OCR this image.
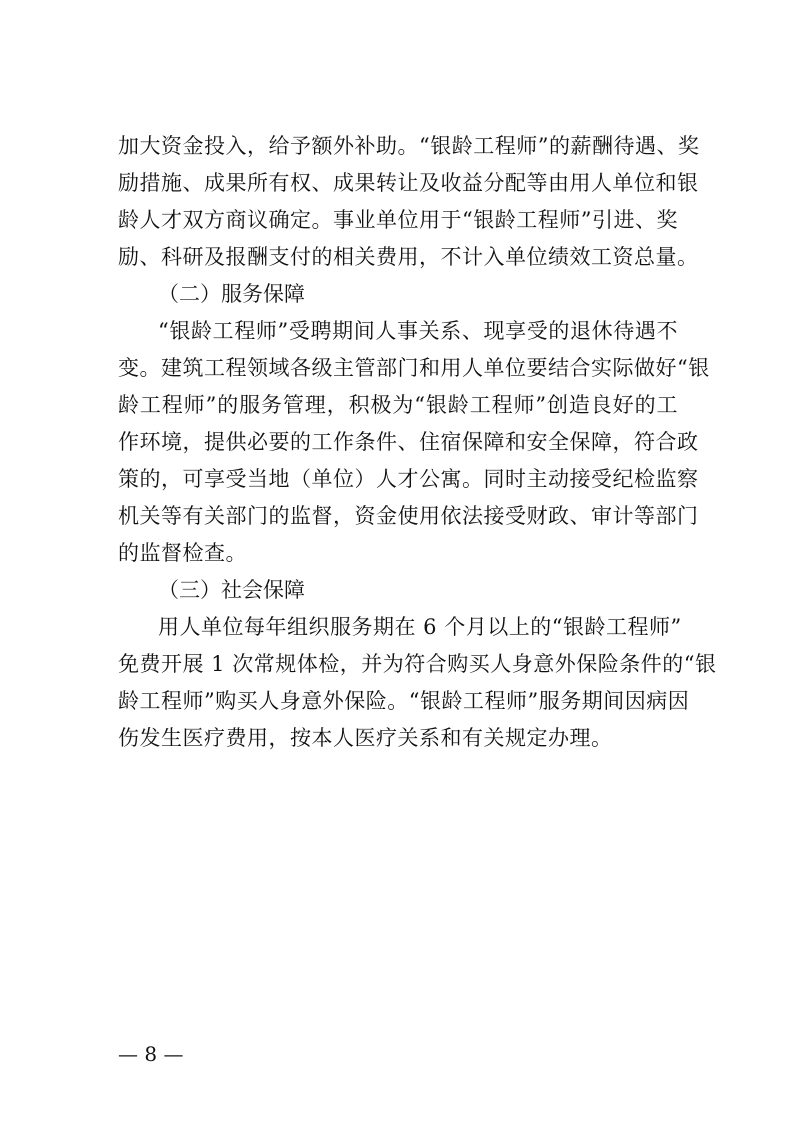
加大资金投入，给予额外补助。“银龄工程师”的薪酬待遇、奖
励措施、成果所有权、成果转让及收益分配等由用人单位和银
龄人才双方商议确定。事业单位用于“银龄工程师”引进、奖
励、科研及报酬支付的相关费用，不计入单位绩效工资总量。
（二）服务保障
“银龄工程师”受聘期间人事关系、现享受的退休待遇不
变。建筑工程领域各级主管部门和用人单位要结合实际做好“银
龄工程师”的服务管理，积极为“银龄工程师”创造良好的工
作环境，提供必要的工作条件、住宿保障和安全保障，符合政
策的，可享受当地（单位）人才公寓。同时主动接受纪检监察
机关等有关部门的监督，资金使用依法接受财政、审计等部门
的监督检查。
（三）社会保障
用人单位每年组织服务期在 6 个月以上的“银龄工程师”
免费开展 1 次常规体检，并为符合购买人身意外保险条件的“银
龄工程师”购买人身意外保险。“银龄工程师”服务期间因病因
伤发生医疗费用，按本人医疗关系和有关规定办理。
— 8 —
